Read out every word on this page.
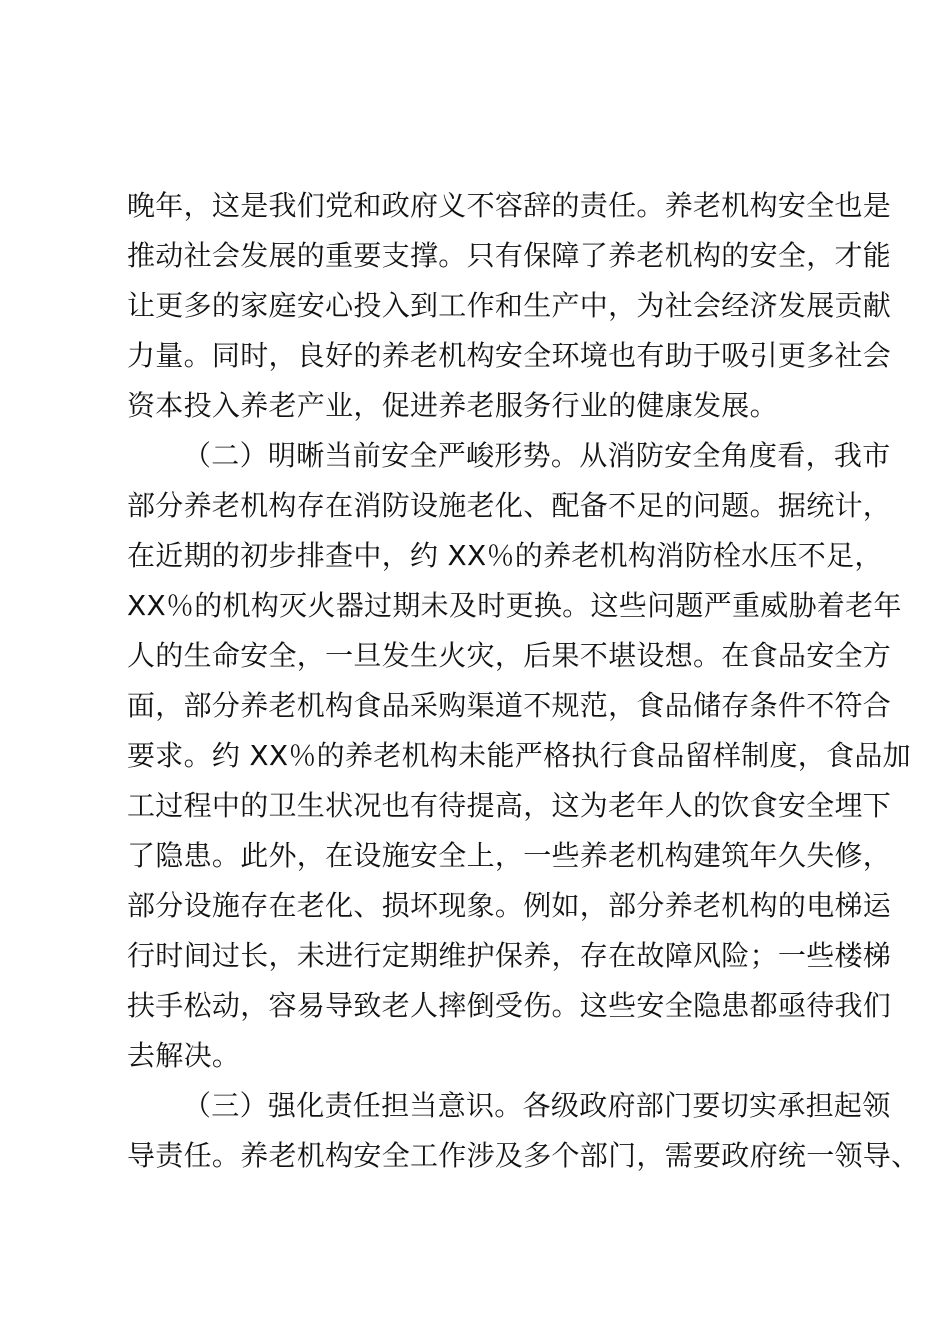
晚年，这是我们党和政府义不容辞的责任。养老机构安全也是
推动社会发展的重要支撑。只有保障了养老机构的安全，才能
让更多的家庭安心投入到工作和生产中，为社会经济发展贡献
力量。同时，良好的养老机构安全环境也有助于吸引更多社会
资本投入养老产业，促进养老服务行业的健康发展。
（二）明晰当前安全严峻形势。从消防安全角度看，我市
部分养老机构存在消防设施老化、配备不足的问题。据统计，
在近期的初步排查中，约 XX％的养老机构消防栓水压不足，
XX％的机构灭火器过期未及时更换。这些问题严重威胁着老年
人的生命安全，一旦发生火灾，后果不堪设想。在食品安全方
面，部分养老机构食品采购渠道不规范，食品储存条件不符合
要求。约 XX％的养老机构未能严格执行食品留样制度，食品加
工过程中的卫生状况也有待提高，这为老年人的饮食安全埋下
了隐患。此外，在设施安全上，一些养老机构建筑年久失修，
部分设施存在老化、损坏现象。例如，部分养老机构的电梯运
行时间过长，未进行定期维护保养，存在故障风险；一些楼梯
扶手松动，容易导致老人摔倒受伤。这些安全隐患都亟待我们
去解决。
（三）强化责任担当意识。各级政府部门要切实承担起领
导责任。养老机构安全工作涉及多个部门，需要政府统一领导、
